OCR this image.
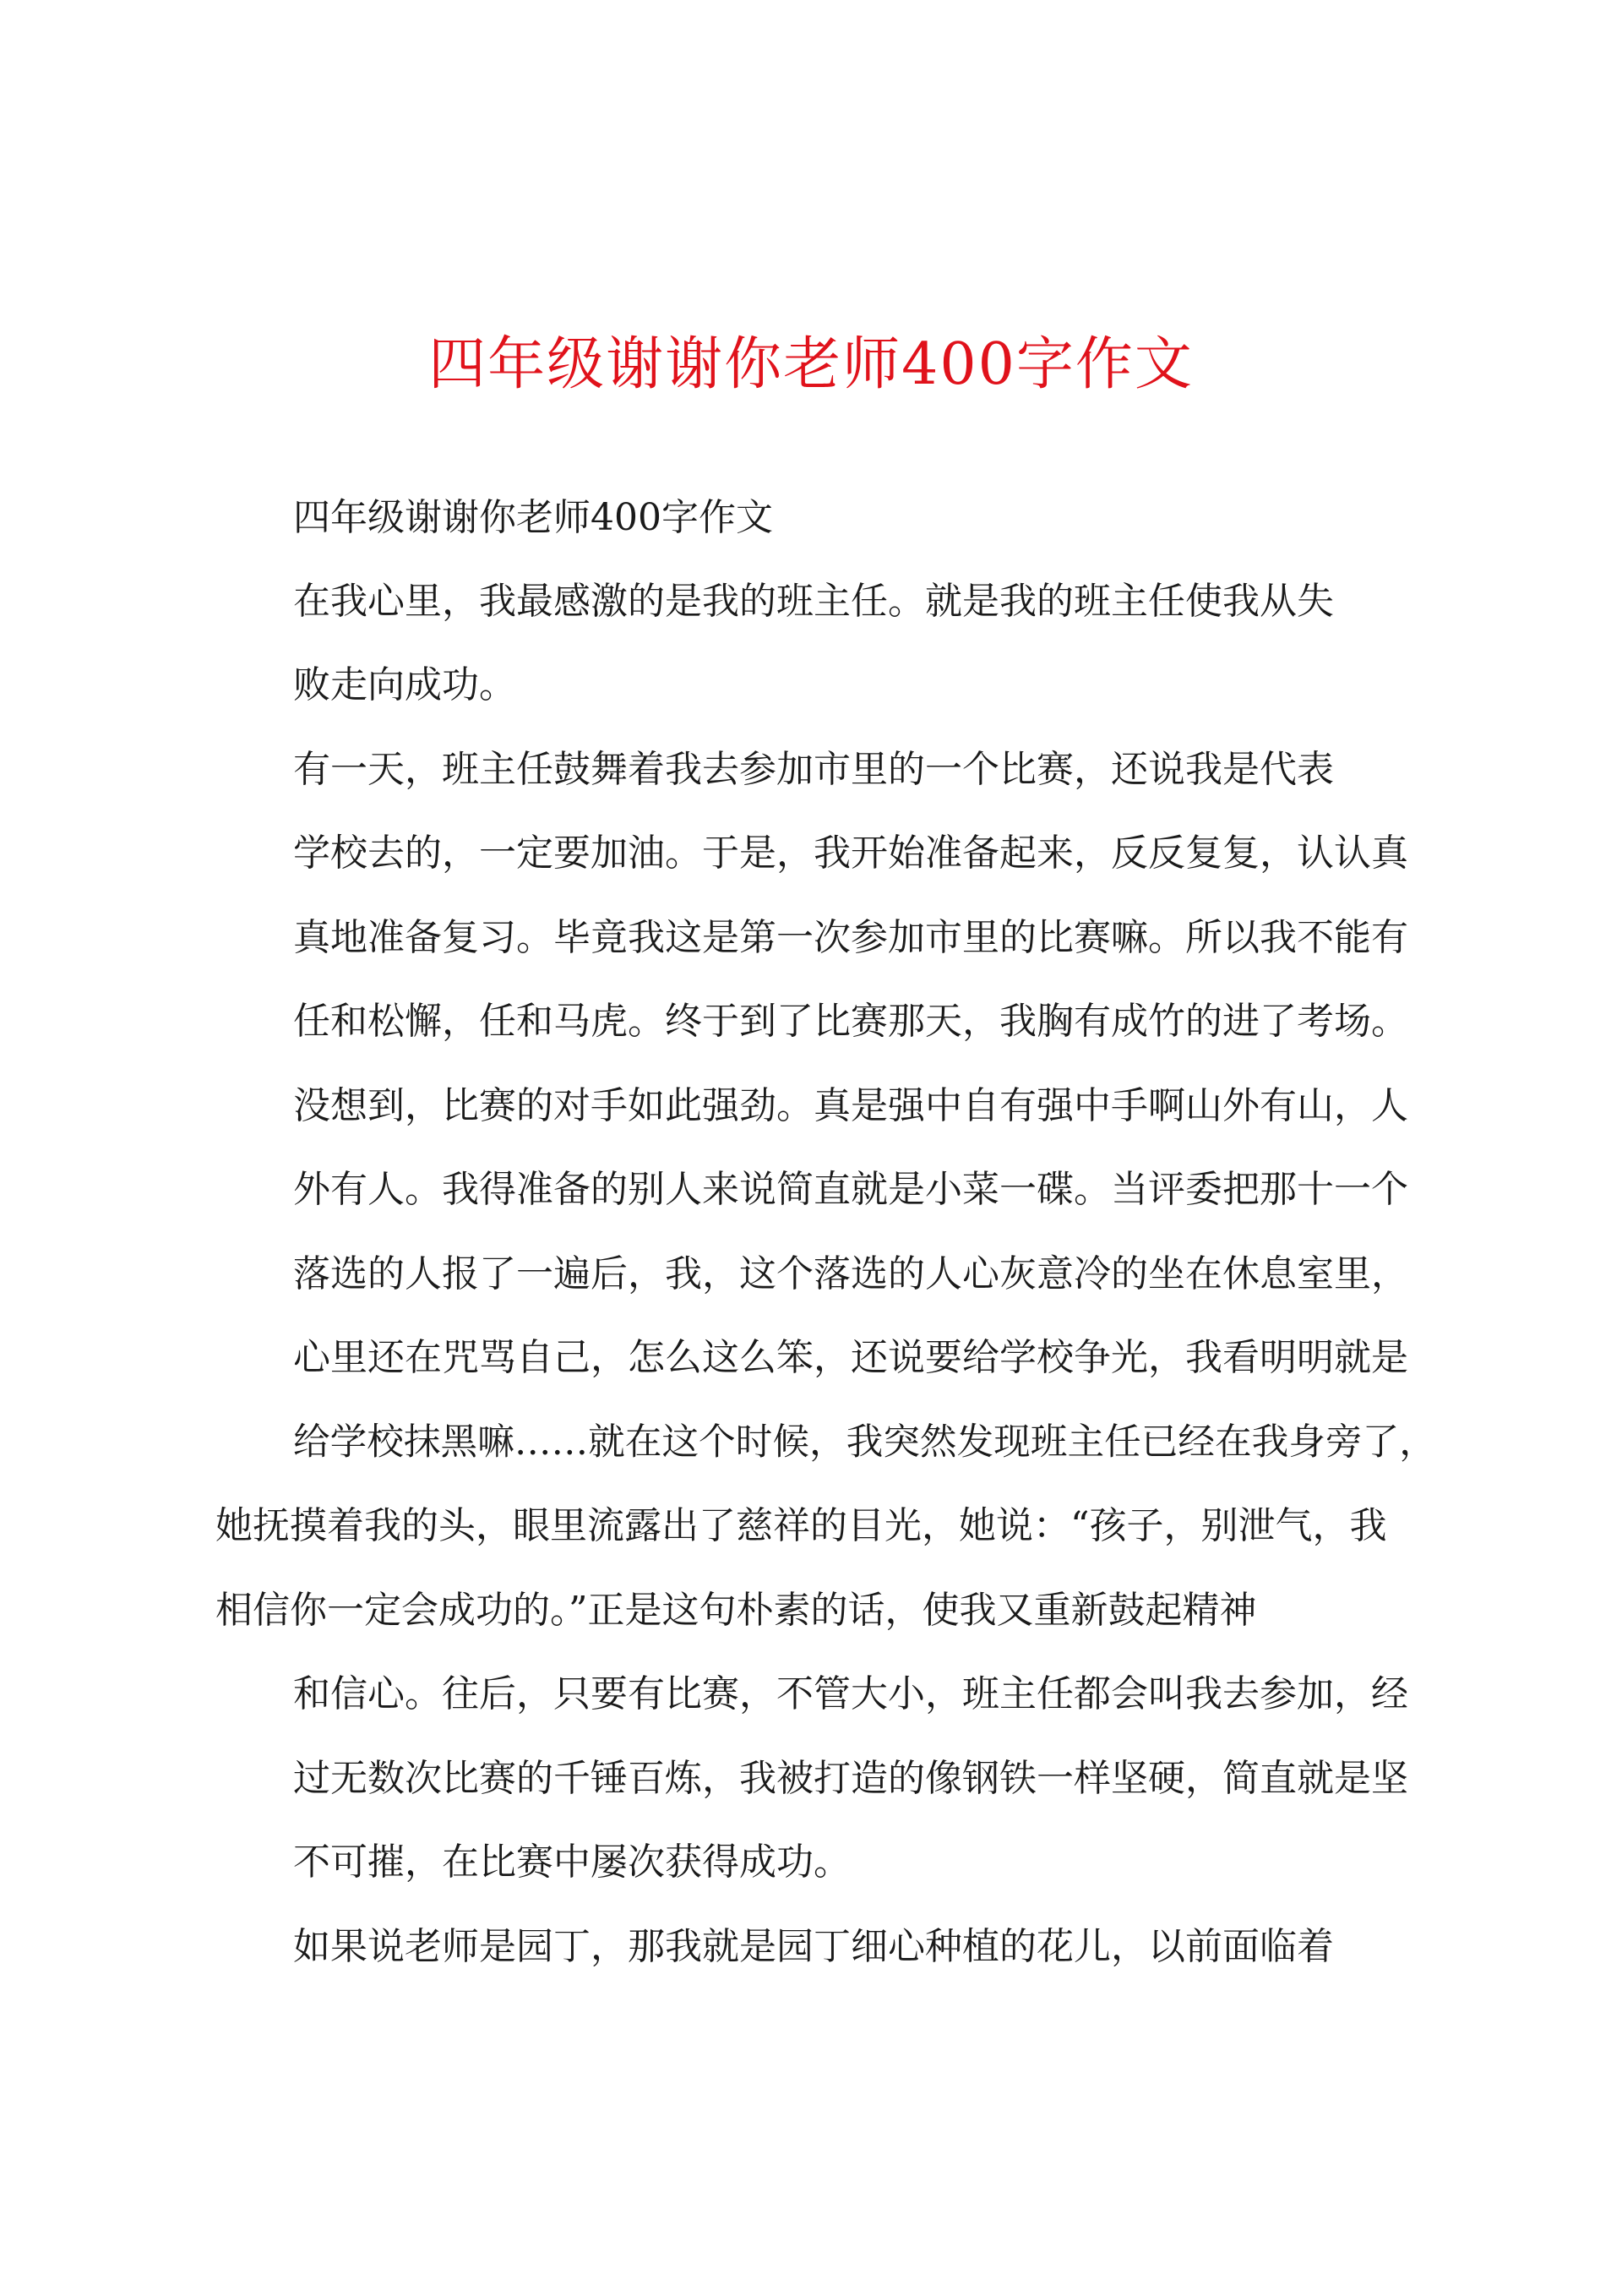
四年级谢谢你老师400字作文

四年级谢谢你老师400字作文

在我心里，我最感激的是我的班主任。就是我的班主任使我从失

败走向成功。

有一天，班主任鼓舞着我去参加市里的一个比赛，还说我是代表

学校去的，一定要加油。于是，我开始准备起来，反反复复，认认真

真地准备复习。毕竟我这是第一次参加市里的比赛嘛。所以我不能有

任和松懈，任和马虎。终于到了比赛那天，我胸有成竹的进了考场。

没想到，比赛的对手如此强劲。真是强中自有强中手啊山外有山，人

外有人。我得准备的别人来说简直就是小菜一碟。当评委把那十一个

落选的人报了一遍后，我，这个落选的人心灰意冷的坐在休息室里，

心里还在咒骂自己，怎么这么笨，还说要给学校争光，我看明明就是

给学校抹黑嘛……就在这个时候，我突然发现班主任已经在我身旁了，

她抚摸着我的头，眼里流露出了慈祥的目光，她说：“孩子，别泄气，我

相信你一定会成功的。”正是这句朴素的话，使我又重新鼓起精神

和信心。往后，只要有比赛，不管大小，班主任都会叫我去参加，经

过无数次比赛的千锤百炼，我被打造的像钢铁一样坚硬，简直就是坚

不可摧，在比赛中屡次获得成功。

如果说老师是园丁，那我就是园丁细心种植的花儿，以前面临着
